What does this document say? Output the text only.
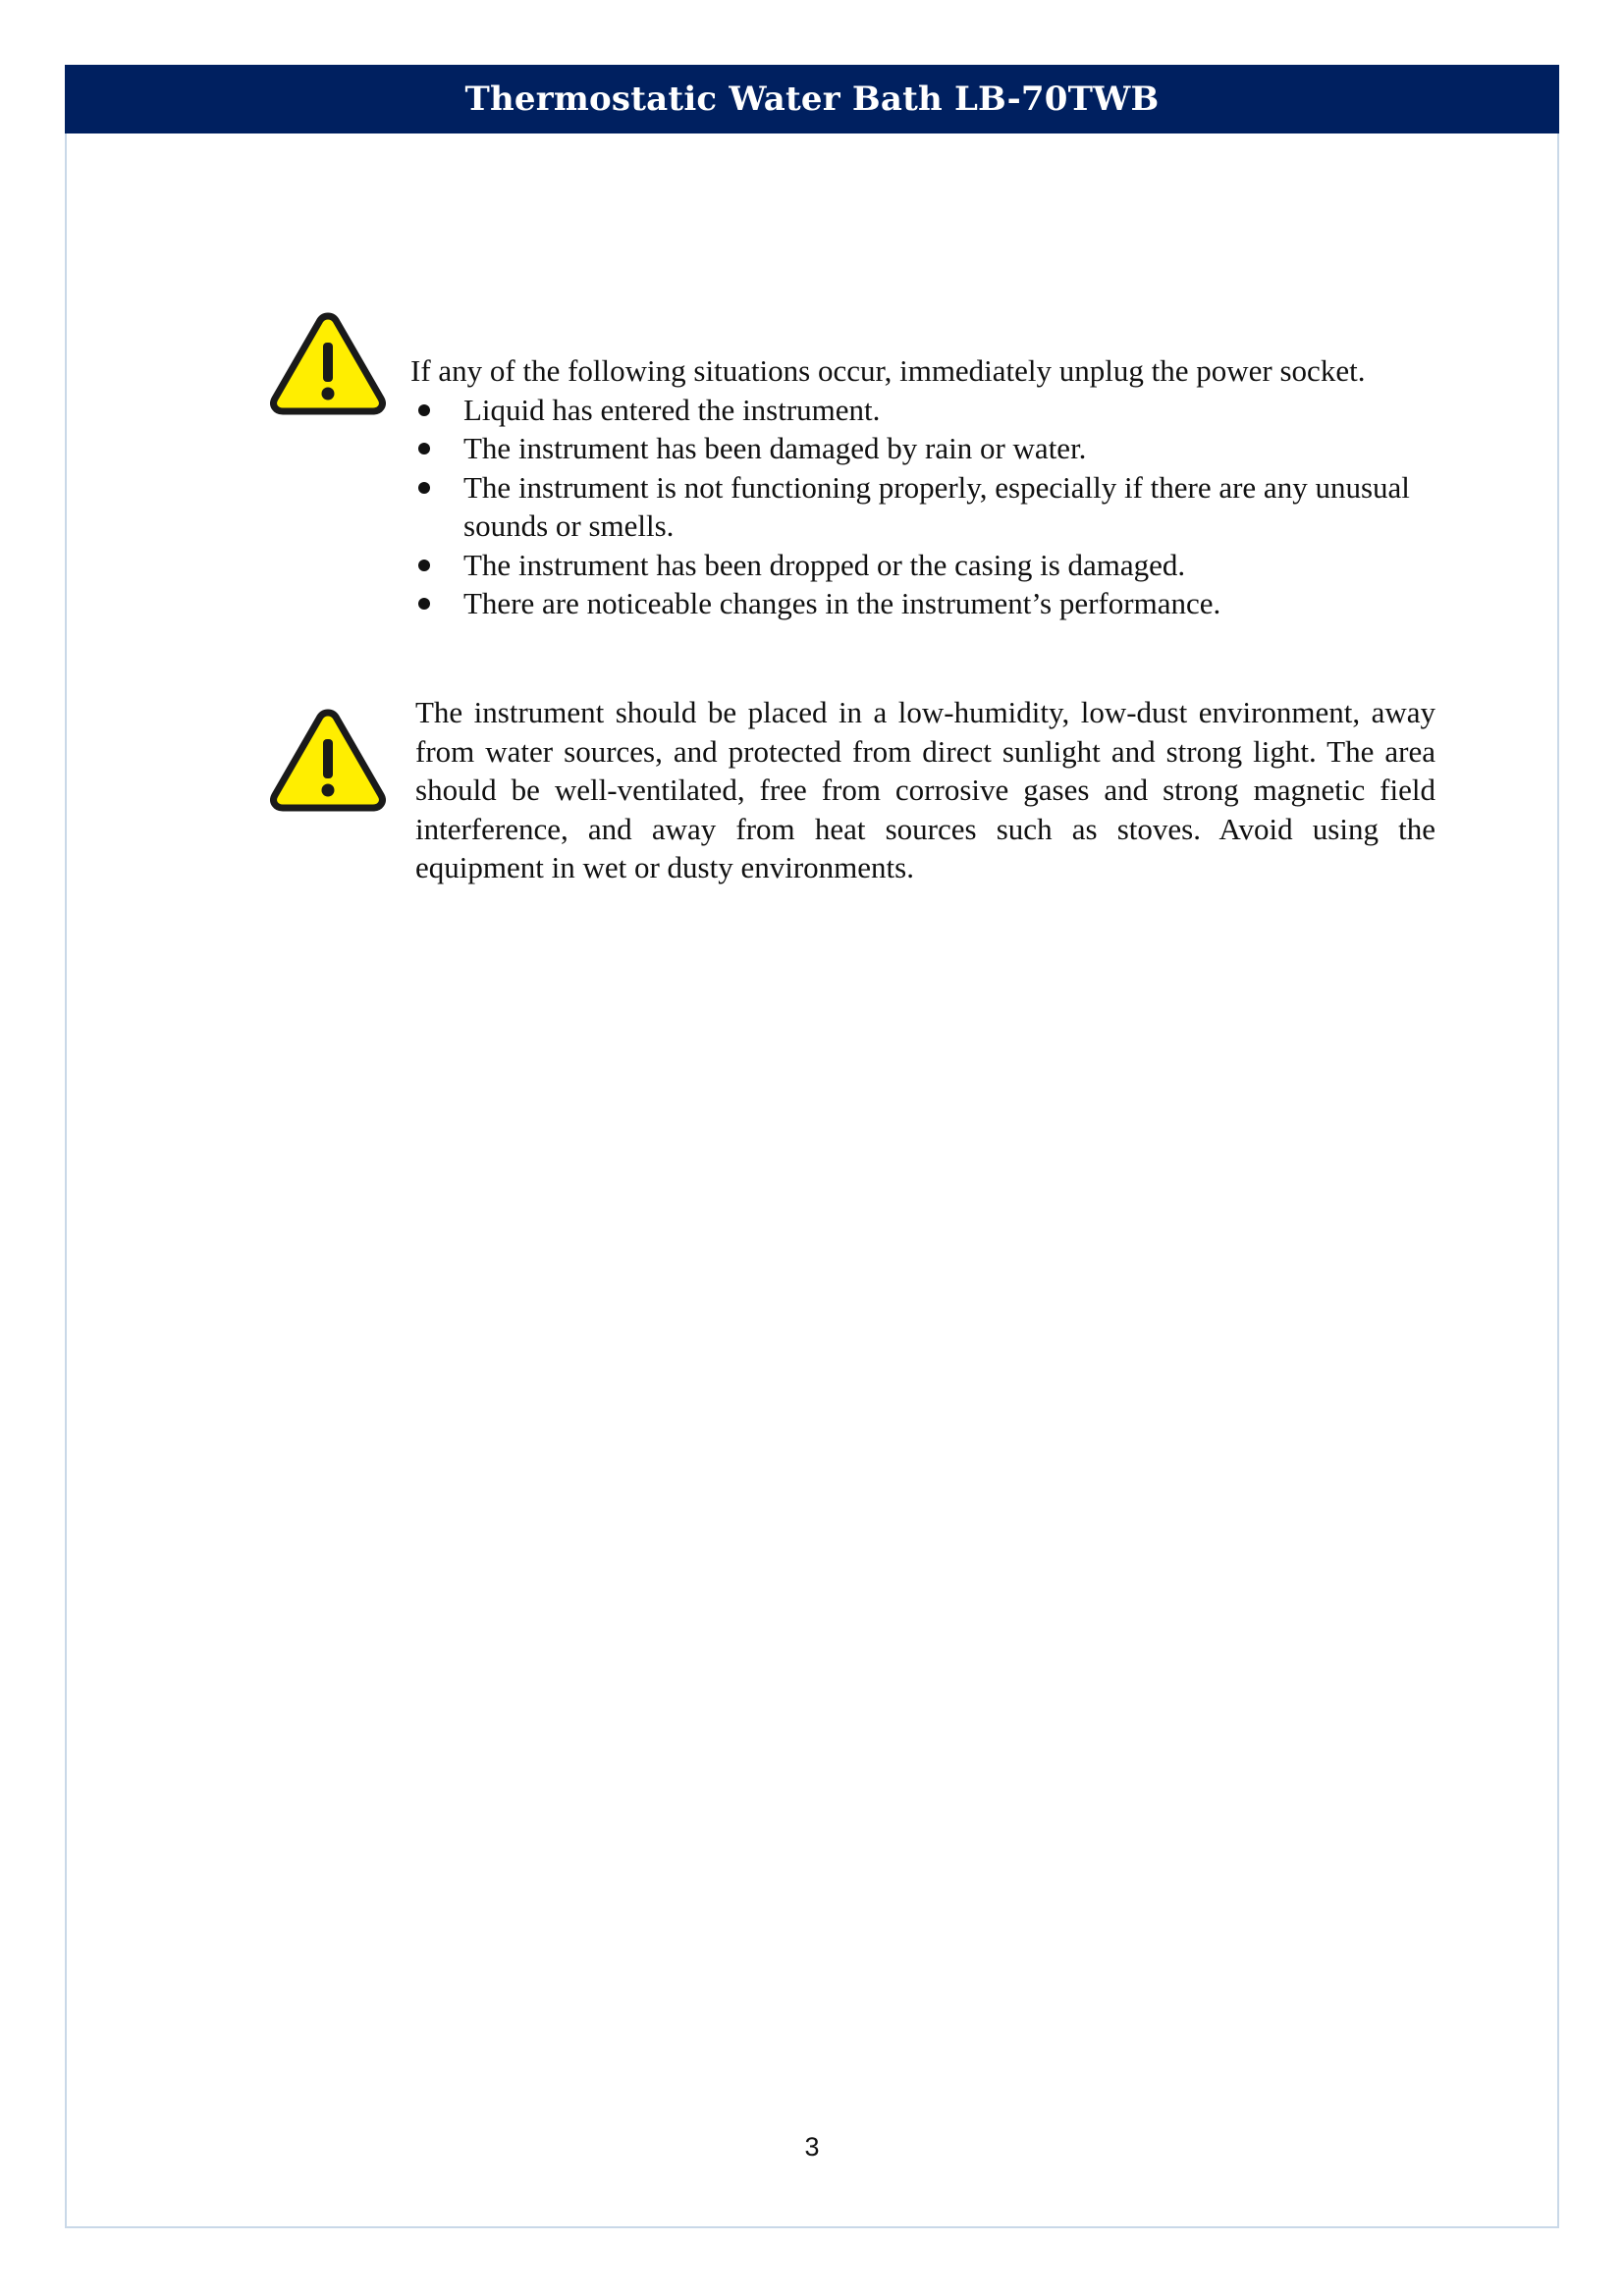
Thermostatic Water Bath LB-70TWB

If any of the following situations occur, immediately unplug the power socket.

Liquid has entered the instrument.
The instrument has been damaged by rain or water.
The instrument is not functioning properly, especially if there are any unusual sounds or smells.
The instrument has been dropped or the casing is damaged.
There are noticeable changes in the instrument’s performance.

The instrument should be placed in a low-humidity, low-dust environment, away from water sources, and protected from direct sunlight and strong light. The area should be well-ventilated, free from corrosive gases and strong magnetic field interference, and away from heat sources such as stoves. Avoid using the equipment in wet or dusty environments.

3
